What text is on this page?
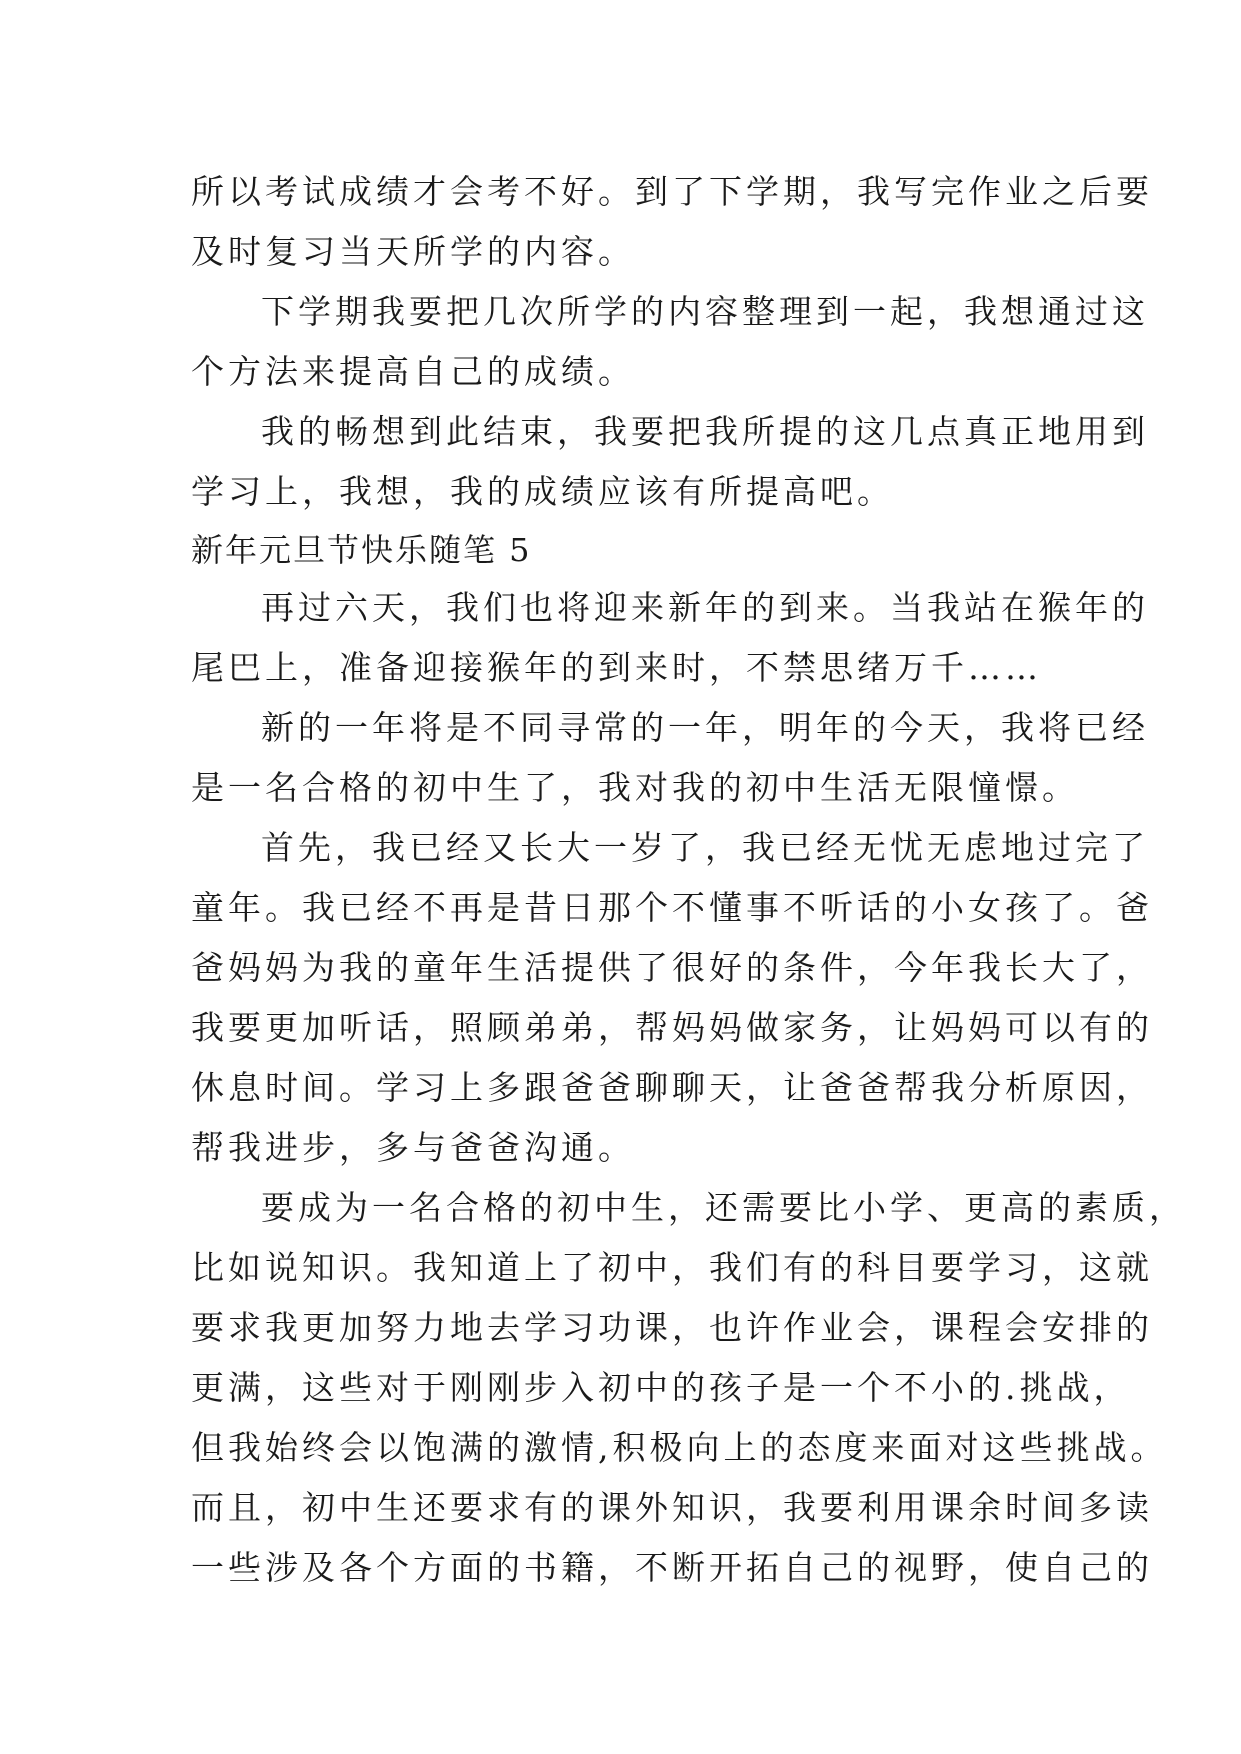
所以考试成绩才会考不好。到了下学期，我写完作业之后要
及时复习当天所学的内容。
下学期我要把几次所学的内容整理到一起，我想通过这
个方法来提高自己的成绩。
我的畅想到此结束，我要把我所提的这几点真正地用到
学习上，我想，我的成绩应该有所提高吧。
新年元旦节快乐随笔 5
再过六天，我们也将迎来新年的到来。当我站在猴年的
尾巴上，准备迎接猴年的到来时，不禁思绪万千……
新的一年将是不同寻常的一年，明年的今天，我将已经
是一名合格的初中生了，我对我的初中生活无限憧憬。
首先，我已经又长大一岁了，我已经无忧无虑地过完了
童年。我已经不再是昔日那个不懂事不听话的小女孩了。爸
爸妈妈为我的童年生活提供了很好的条件，今年我长大了，
我要更加听话，照顾弟弟，帮妈妈做家务，让妈妈可以有的
休息时间。学习上多跟爸爸聊聊天，让爸爸帮我分析原因，
帮我进步，多与爸爸沟通。
要成为一名合格的初中生，还需要比小学、更高的素质，
比如说知识。我知道上了初中，我们有的科目要学习，这就
要求我更加努力地去学习功课，也许作业会，课程会安排的
更满，这些对于刚刚步入初中的孩子是一个不小的.挑战，
但我始终会以饱满的激情,积极向上的态度来面对这些挑战。
而且，初中生还要求有的课外知识，我要利用课余时间多读
一些涉及各个方面的书籍，不断开拓自己的视野，使自己的
